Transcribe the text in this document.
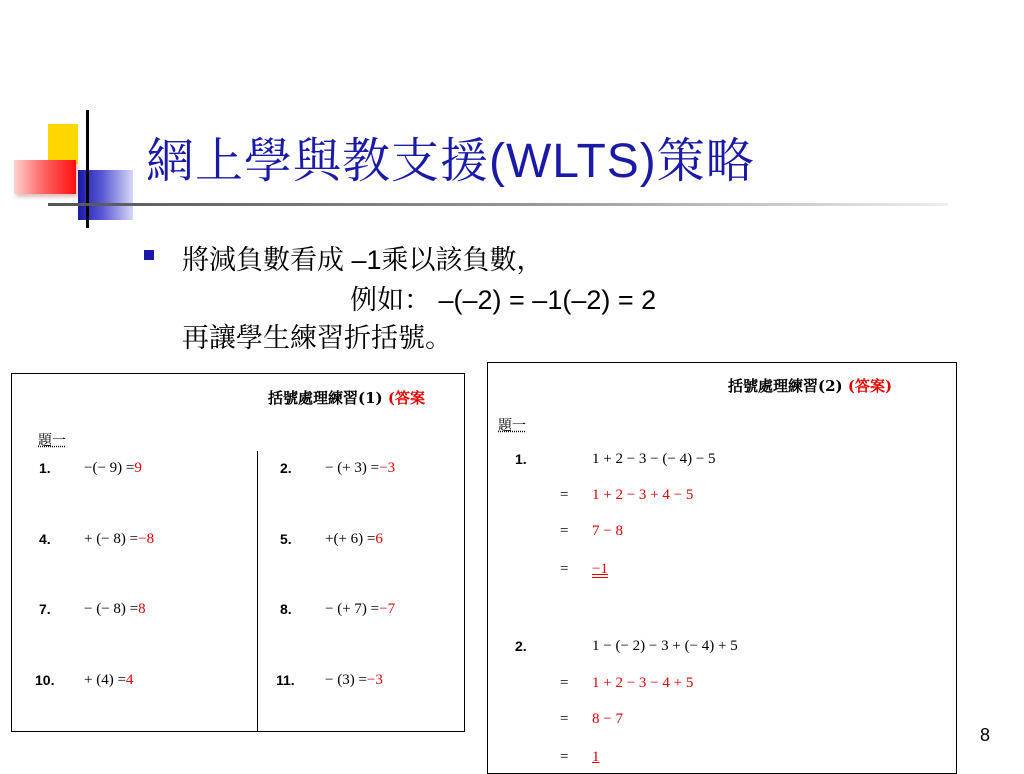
網上學與教支援(WLTS)策略
將減負數看成 –1乘以該負數，
例如： –(–2) = –1(–2) = 2
再讓學生練習折括號。
括號處理練習(1) (答案
題一
1. −(− 9) =9	2. − (+ 3) =−3
4. + (− 8) =−8	5. +(+ 6) =6
7. − (− 8) =8	8. − (+ 7) =−7
10. + (4) =4	11. − (3) =−3
括號處理練習(2) (答案)
題一
1.	1 + 2 − 3 − (− 4) − 5
= 1 + 2 − 3 + 4 − 5
= 7 − 8
= −1
2.	1 − (− 2) − 3 + (− 4) + 5
= 1 + 2 − 3 − 4 + 5
= 8 − 7
= 1
8
